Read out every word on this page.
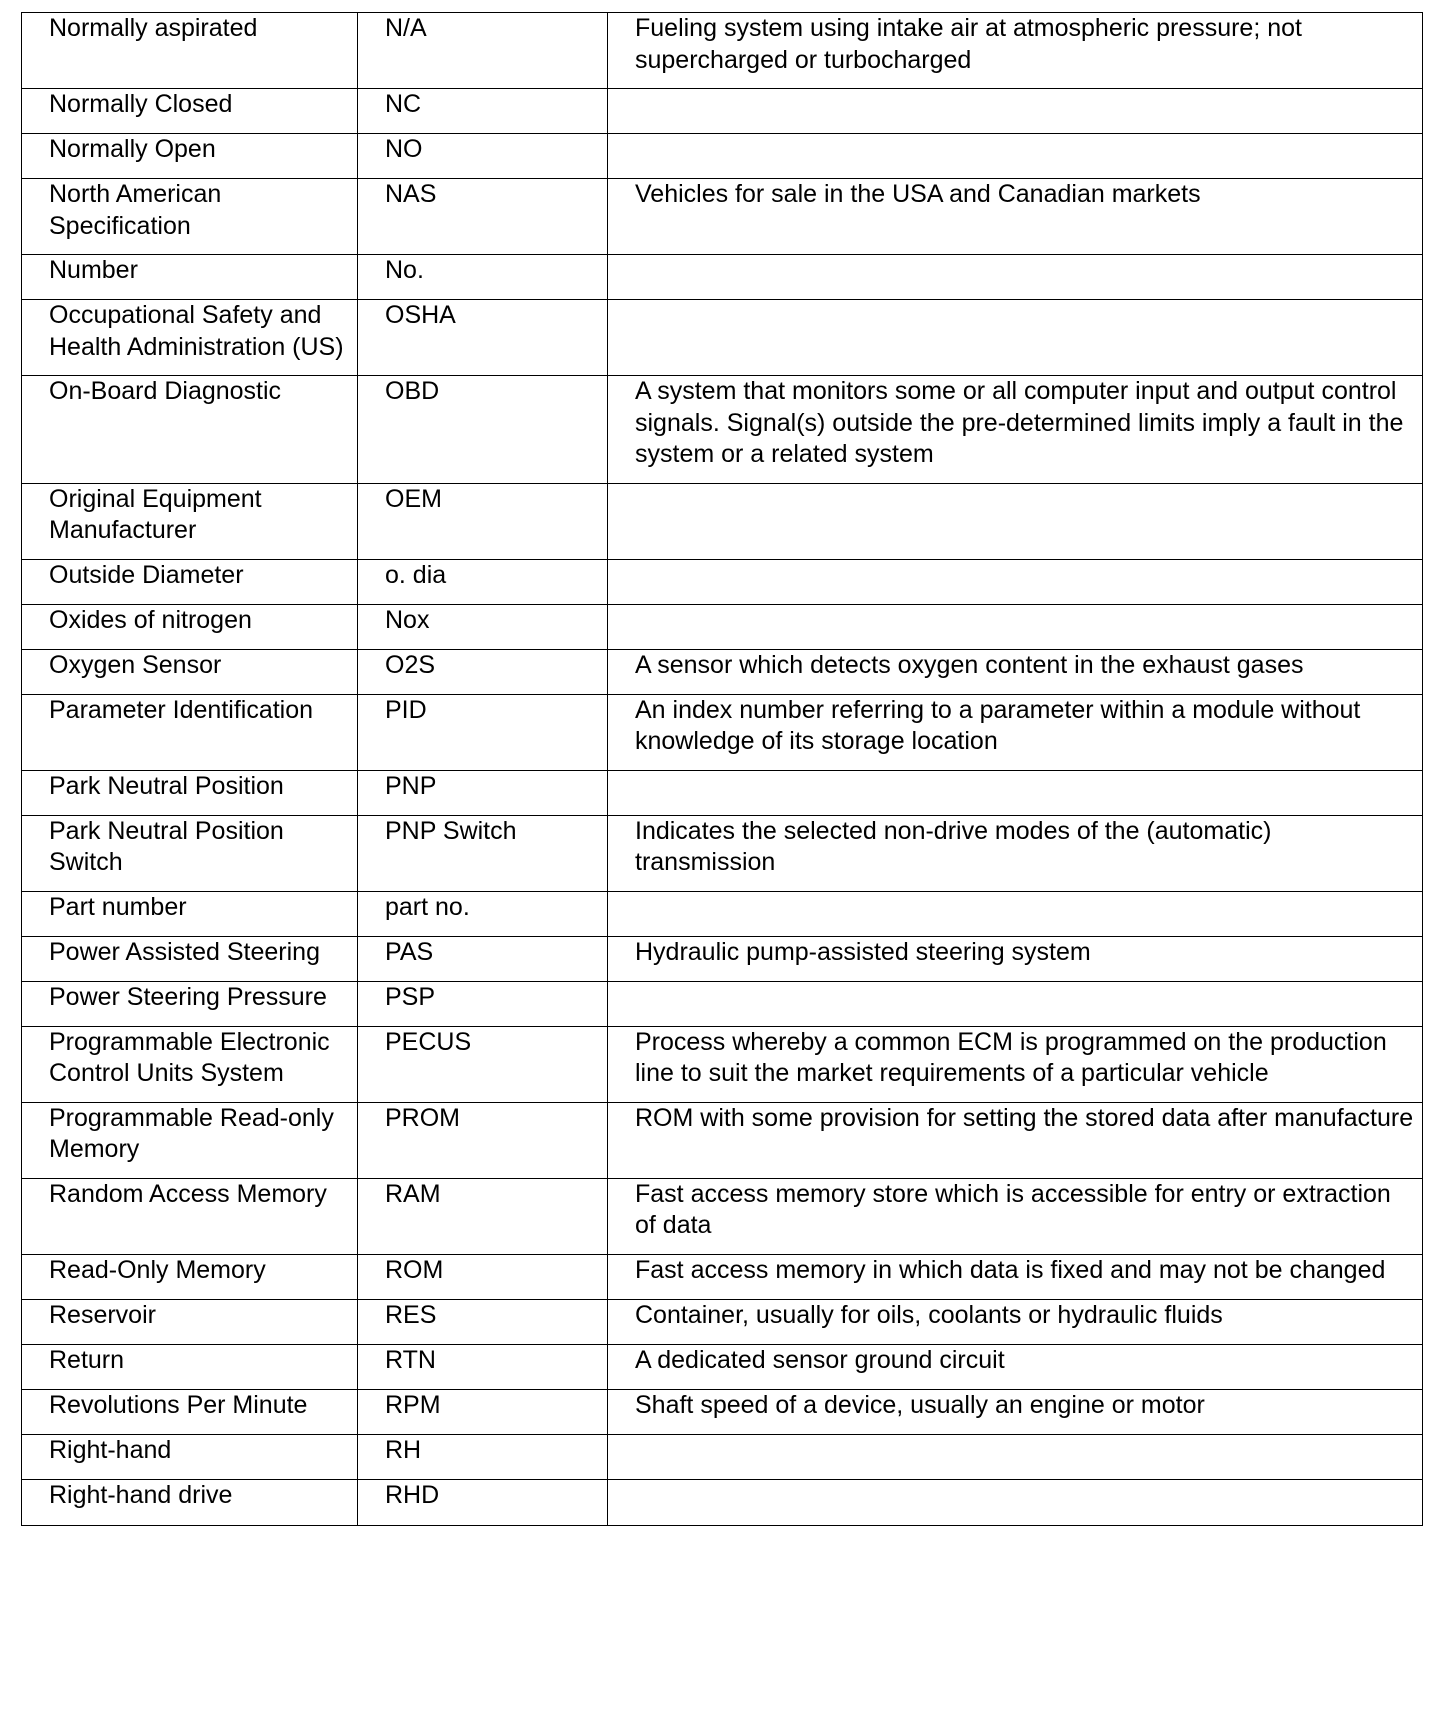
Normally aspirated	N/A	Fueling system using intake air at atmospheric pressure; not supercharged or turbocharged
Normally Closed	NC	
Normally Open	NO	
North American Specification	NAS	Vehicles for sale in the USA and Canadian markets
Number	No.	
Occupational Safety and Health Administration (US)	OSHA	
On-Board Diagnostic	OBD	A system that monitors some or all computer input and output control signals. Signal(s) outside the pre-determined limits imply a fault in the system or a related system
Original Equipment Manufacturer	OEM	
Outside Diameter	o. dia	
Oxides of nitrogen	Nox	
Oxygen Sensor	O2S	A sensor which detects oxygen content in the exhaust gases
Parameter Identification	PID	An index number referring to a parameter within a module without knowledge of its storage location
Park Neutral Position	PNP	
Park Neutral Position Switch	PNP Switch	Indicates the selected non-drive modes of the (automatic) transmission
Part number	part no.	
Power Assisted Steering	PAS	Hydraulic pump-assisted steering system
Power Steering Pressure	PSP	
Programmable Electronic Control Units System	PECUS	Process whereby a common ECM is programmed on the production line to suit the market requirements of a particular vehicle
Programmable Read-only Memory	PROM	ROM with some provision for setting the stored data after manufacture
Random Access Memory	RAM	Fast access memory store which is accessible for entry or extraction of data
Read-Only Memory	ROM	Fast access memory in which data is fixed and may not be changed
Reservoir	RES	Container, usually for oils, coolants or hydraulic fluids
Return	RTN	A dedicated sensor ground circuit
Revolutions Per Minute	RPM	Shaft speed of a device, usually an engine or motor
Right-hand	RH	
Right-hand drive	RHD	
